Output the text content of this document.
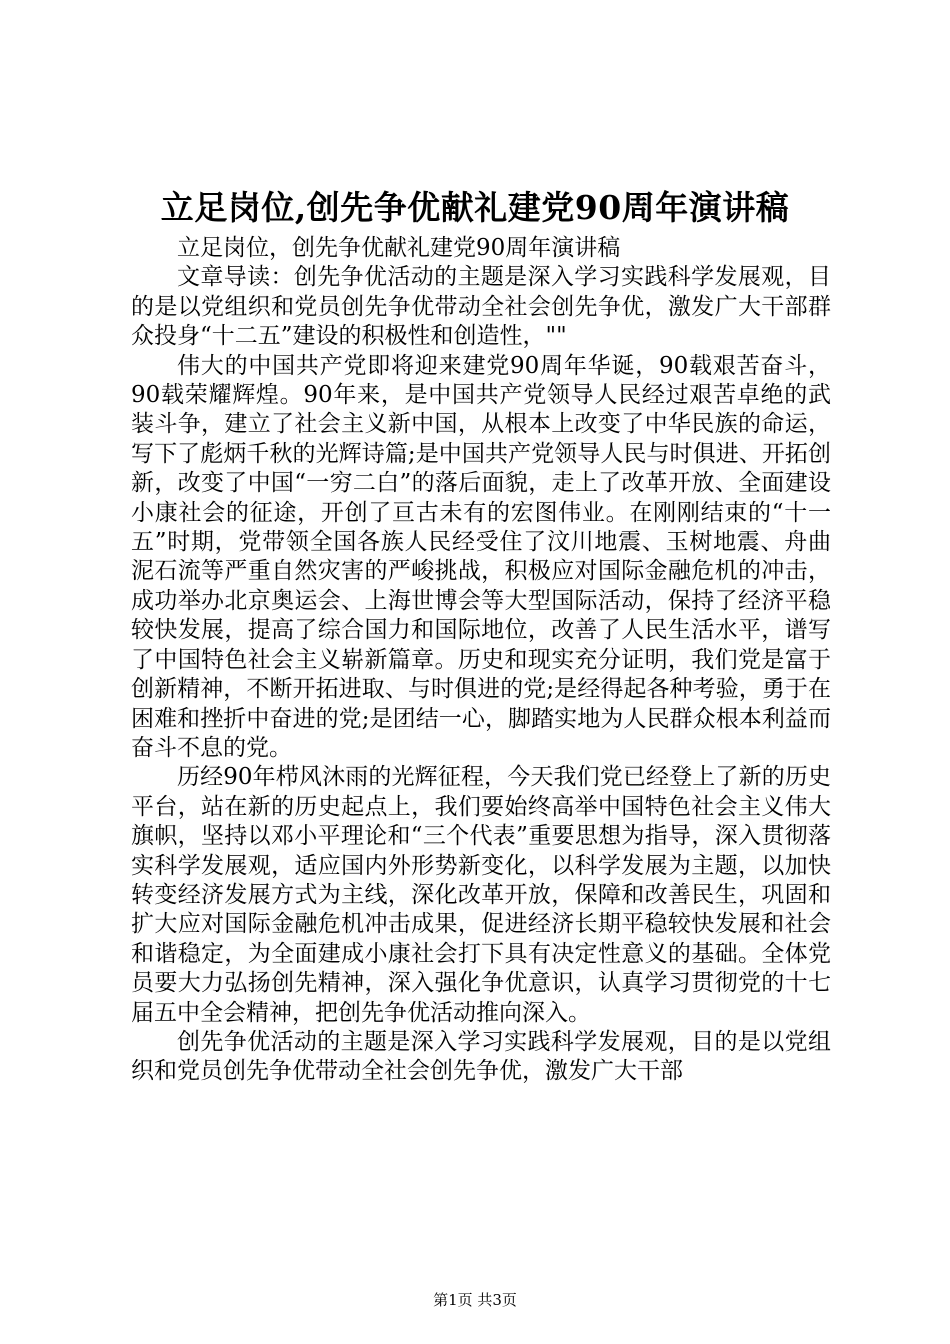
立足岗位,创先争优献礼建党90周年演讲稿

立足岗位，创先争优献礼建党90周年演讲稿

文章导读：创先争优活动的主题是深入学习实践科学发展观，目的是以党组织和党员创先争优带动全社会创先争优，激发广大干部群众投身“十二五”建设的积极性和创造性，""

伟大的中国共产党即将迎来建党90周年华诞，90载艰苦奋斗，90载荣耀辉煌。90年来，是中国共产党领导人民经过艰苦卓绝的武装斗争，建立了社会主义新中国，从根本上改变了中华民族的命运，写下了彪炳千秋的光辉诗篇;是中国共产党领导人民与时俱进、开拓创新，改变了中国“一穷二白”的落后面貌，走上了改革开放、全面建设小康社会的征途，开创了亘古未有的宏图伟业。在刚刚结束的“十一五”时期，党带领全国各族人民经受住了汶川地震、玉树地震、舟曲泥石流等严重自然灾害的严峻挑战，积极应对国际金融危机的冲击，成功举办北京奥运会、上海世博会等大型国际活动，保持了经济平稳较快发展，提高了综合国力和国际地位，改善了人民生活水平，谱写了中国特色社会主义崭新篇章。历史和现实充分证明，我们党是富于创新精神，不断开拓进取、与时俱进的党;是经得起各种考验，勇于在困难和挫折中奋进的党;是团结一心，脚踏实地为人民群众根本利益而奋斗不息的党。

历经90年栉风沐雨的光辉征程，今天我们党已经登上了新的历史平台，站在新的历史起点上，我们要始终高举中国特色社会主义伟大旗帜，坚持以邓小平理论和“三个代表”重要思想为指导，深入贯彻落实科学发展观，适应国内外形势新变化，以科学发展为主题，以加快转变经济发展方式为主线，深化改革开放，保障和改善民生，巩固和扩大应对国际金融危机冲击成果，促进经济长期平稳较快发展和社会和谐稳定，为全面建成小康社会打下具有决定性意义的基础。全体党员要大力弘扬创先精神，深入强化争优意识，认真学习贯彻党的十七届五中全会精神，把创先争优活动推向深入。

创先争优活动的主题是深入学习实践科学发展观，目的是以党组织和党员创先争优带动全社会创先争优，激发广大干部

第1页 共3页
